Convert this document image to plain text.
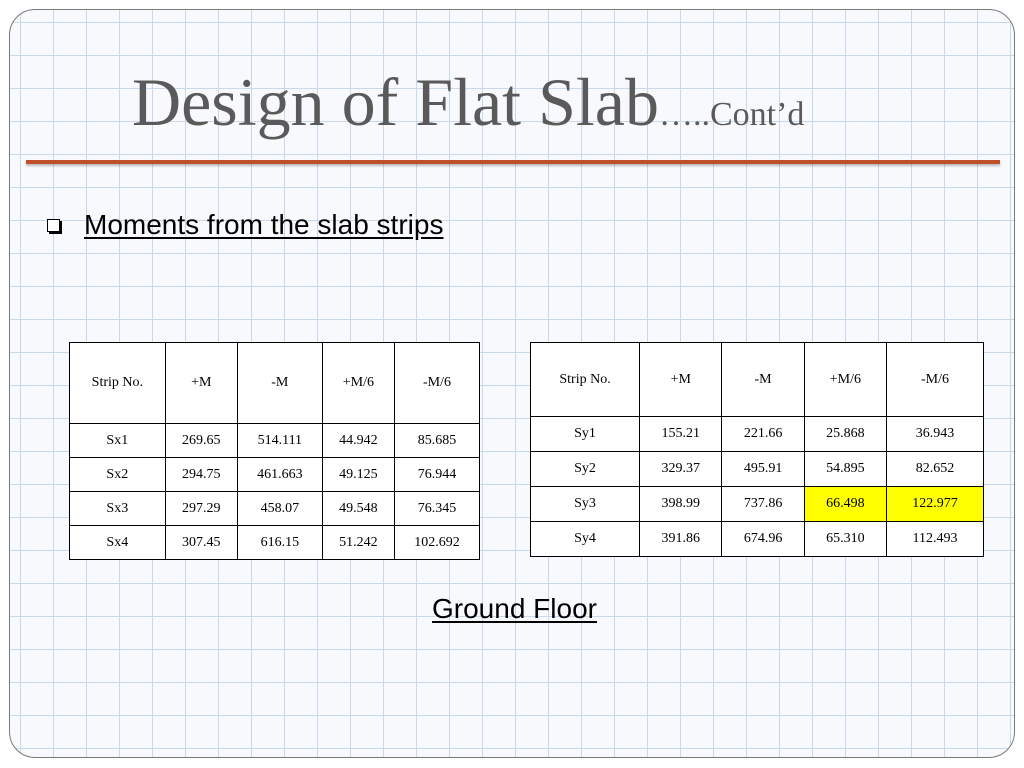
Design of Flat Slab…..Cont’d
Moments from the slab strips
Strip No.	+M	-M	+M/6	-M/6
Sx1	269.65	514.111	44.942	85.685
Sx2	294.75	461.663	49.125	76.944
Sx3	297.29	458.07	49.548	76.345
Sx4	307.45	616.15	51.242	102.692
Strip No.	+M	-M	+M/6	-M/6
Sy1	155.21	221.66	25.868	36.943
Sy2	329.37	495.91	54.895	82.652
Sy3	398.99	737.86	66.498	122.977
Sy4	391.86	674.96	65.310	112.493
Ground Floor
